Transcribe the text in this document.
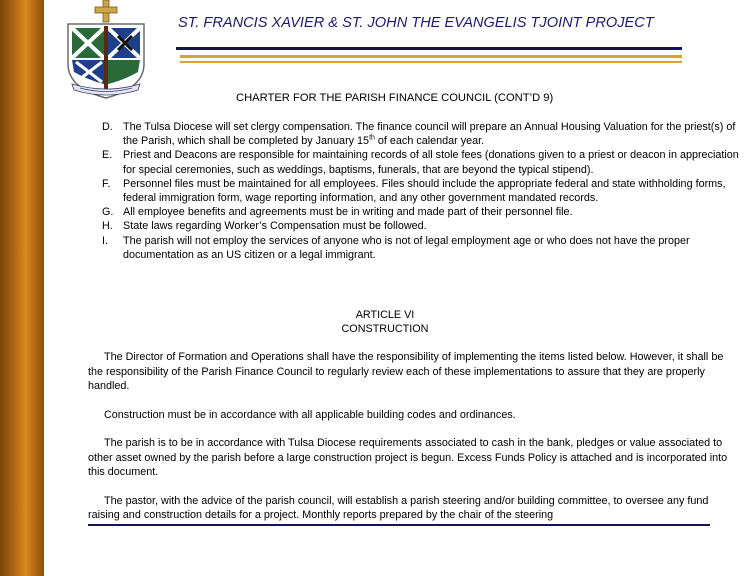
ST. FRANCIS XAVIER & ST. JOHN THE EVANGELIS TJOINT PROJECT
CHARTER FOR THE PARISH FINANCE COUNCIL (CONT’D 9)
D. The Tulsa Diocese will set clergy compensation. The finance council will prepare an Annual Housing Valuation for the priest(s) of the Parish, which shall be completed by January 15th of each calendar year.
E. Priest and Deacons are responsible for maintaining records of all stole fees (donations given to a priest or deacon in appreciation for special ceremonies, such as weddings, baptisms, funerals, that are beyond the typical stipend).
F.	Personnel files must be maintained for all employees. Files should include the appropriate federal and state withholding forms, federal immigration form, wage reporting information, and any other government mandated records.
G. All employee benefits and agreements must be in writing and made part of their personnel file.
H. State laws regarding Worker’s Compensation must be followed.
I.	The parish will not employ the services of anyone who is not of legal employment age or who does not have the proper documentation as an US citizen or a legal immigrant.
ARTICLE VI
CONSTRUCTION

The Director of Formation and Operations shall have the responsibility of implementing the items listed below. However, it shall be the responsibility of the Parish Finance Council to regularly review each of these implementations to assure that they are properly handled.

Construction must be in accordance with all applicable building codes and ordinances.

The parish is to be in accordance with Tulsa Diocese requirements associated to cash in the bank, pledges or value associated to other asset owned by the parish before a large construction project is begun. Excess Funds Policy is attached and is incorporated into this document.

The pastor, with the advice of the parish council, will establish a parish steering and/or building committee, to oversee any fund raising and construction details for a project. Monthly reports prepared by the chair of the steering
